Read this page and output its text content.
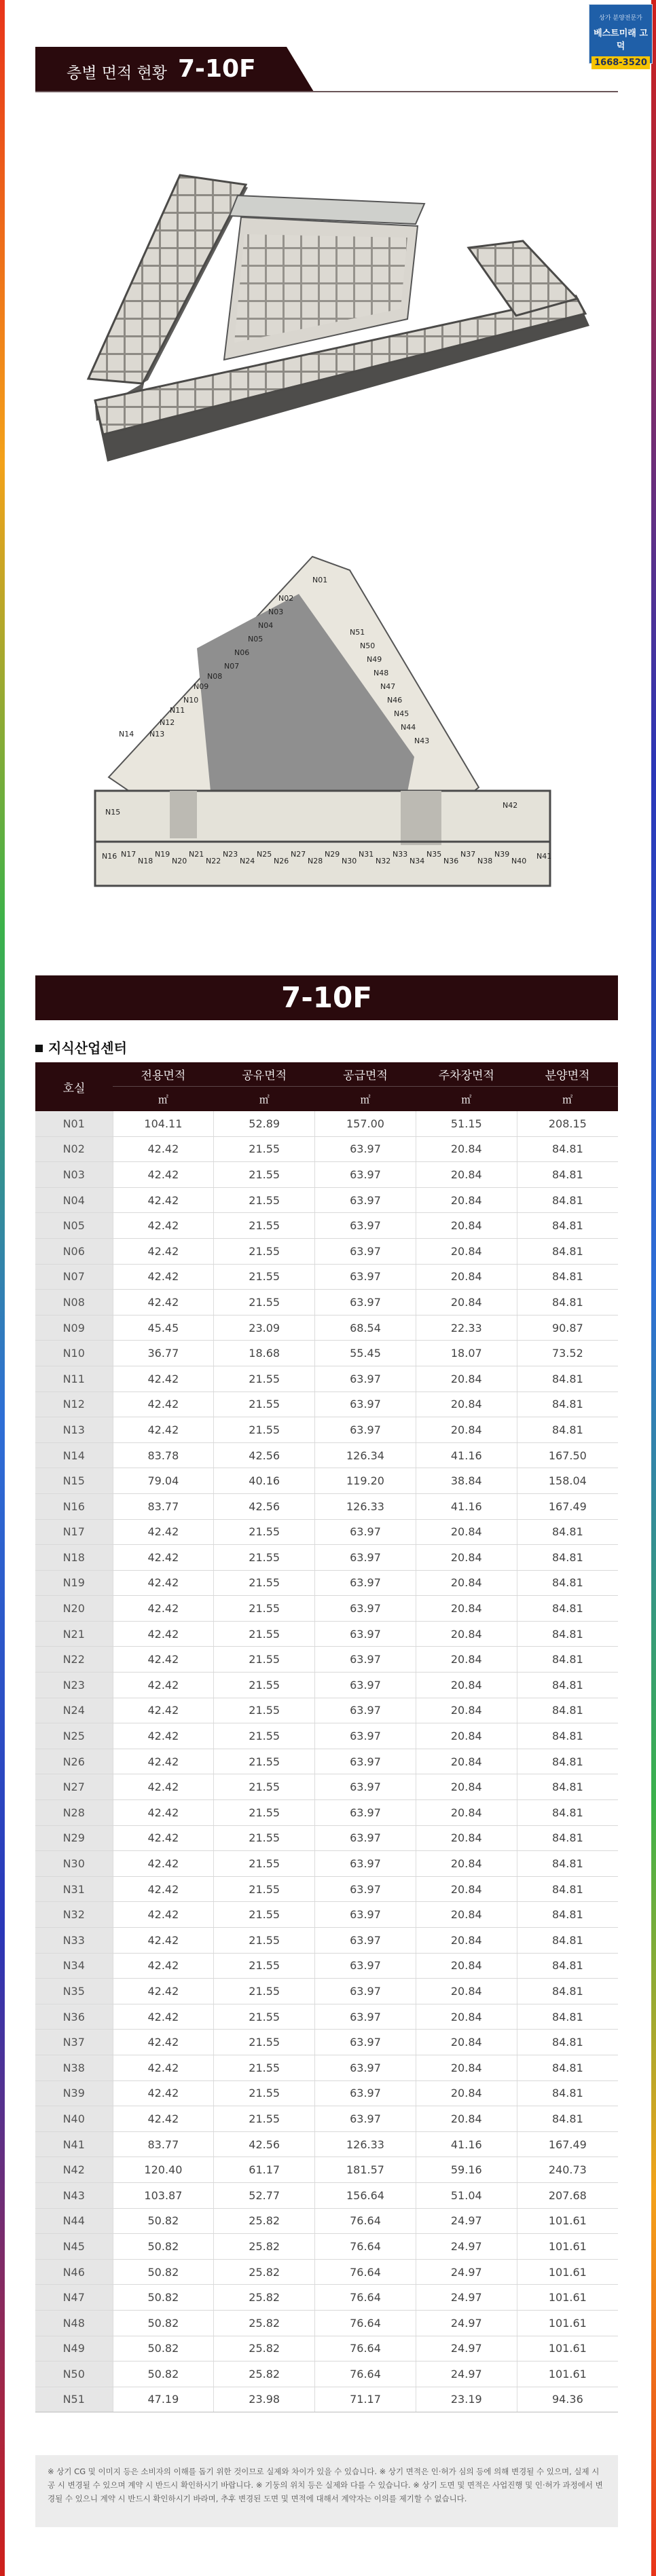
상가 분양전문가
베스트미래 고덕
1668-3520
층별 면적 현황 7-10F
N01
N02
N03
N04
N05
N06
N07
N08
N09
N10
N11
N12
N13
N14
N15
N16 N17
N18
N19
N20
N21
N22
N23
N24
N25
N26
N27
N28
N29
N30
N31
N32
N33
N34
N35
N36
N37
N38
N39
N40
N41
N42
N43
N44
N45
N46
N47
N48
N49
N50
N51
7-10F
지식산업센터
호실	전용면적	공유면적	공급면적	주차장면적	분양면적
	㎡	㎡	㎡	㎡	㎡
N01	104.11	52.89	157.00	51.15	208.15
N02	42.42	21.55	63.97	20.84	84.81
N03	42.42	21.55	63.97	20.84	84.81
N04	42.42	21.55	63.97	20.84	84.81
N05	42.42	21.55	63.97	20.84	84.81
N06	42.42	21.55	63.97	20.84	84.81
N07	42.42	21.55	63.97	20.84	84.81
N08	42.42	21.55	63.97	20.84	84.81
N09	45.45	23.09	68.54	22.33	90.87
N10	36.77	18.68	55.45	18.07	73.52
N11	42.42	21.55	63.97	20.84	84.81
N12	42.42	21.55	63.97	20.84	84.81
N13	42.42	21.55	63.97	20.84	84.81
N14	83.78	42.56	126.34	41.16	167.50
N15	79.04	40.16	119.20	38.84	158.04
N16	83.77	42.56	126.33	41.16	167.49
N17	42.42	21.55	63.97	20.84	84.81
N18	42.42	21.55	63.97	20.84	84.81
N19	42.42	21.55	63.97	20.84	84.81
N20	42.42	21.55	63.97	20.84	84.81
N21	42.42	21.55	63.97	20.84	84.81
N22	42.42	21.55	63.97	20.84	84.81
N23	42.42	21.55	63.97	20.84	84.81
N24	42.42	21.55	63.97	20.84	84.81
N25	42.42	21.55	63.97	20.84	84.81
N26	42.42	21.55	63.97	20.84	84.81
N27	42.42	21.55	63.97	20.84	84.81
N28	42.42	21.55	63.97	20.84	84.81
N29	42.42	21.55	63.97	20.84	84.81
N30	42.42	21.55	63.97	20.84	84.81
N31	42.42	21.55	63.97	20.84	84.81
N32	42.42	21.55	63.97	20.84	84.81
N33	42.42	21.55	63.97	20.84	84.81
N34	42.42	21.55	63.97	20.84	84.81
N35	42.42	21.55	63.97	20.84	84.81
N36	42.42	21.55	63.97	20.84	84.81
N37	42.42	21.55	63.97	20.84	84.81
N38	42.42	21.55	63.97	20.84	84.81
N39	42.42	21.55	63.97	20.84	84.81
N40	42.42	21.55	63.97	20.84	84.81
N41	83.77	42.56	126.33	41.16	167.49
N42	120.40	61.17	181.57	59.16	240.73
N43	103.87	52.77	156.64	51.04	207.68
N44	50.82	25.82	76.64	24.97	101.61
N45	50.82	25.82	76.64	24.97	101.61
N46	50.82	25.82	76.64	24.97	101.61
N47	50.82	25.82	76.64	24.97	101.61
N48	50.82	25.82	76.64	24.97	101.61
N49	50.82	25.82	76.64	24.97	101.61
N50	50.82	25.82	76.64	24.97	101.61
N51	47.19	23.98	71.17	23.19	94.36

※ 상기 CG 및 이미지 등은 소비자의 이해를 돕기 위한 것이므로 실제와 차이가 있을 수 있습니다. ※ 상기 면적은 인·허가 심의 등에 의해 변경될 수 있으며, 실제 시공 시 변경될 수 있으며 계약 시 반드시 확인하시기 바랍니다. ※ 기둥의 위치 등은 실제와 다를 수 있습니다. ※ 상기 도면 및 면적은 사업진행 및 인·허가 과정에서 변경될 수 있으니 계약 시 반드시 확인하시기 바라며, 추후 변경된 도면 및 면적에 대해서 계약자는 이의를 제기할 수 없습니다.
